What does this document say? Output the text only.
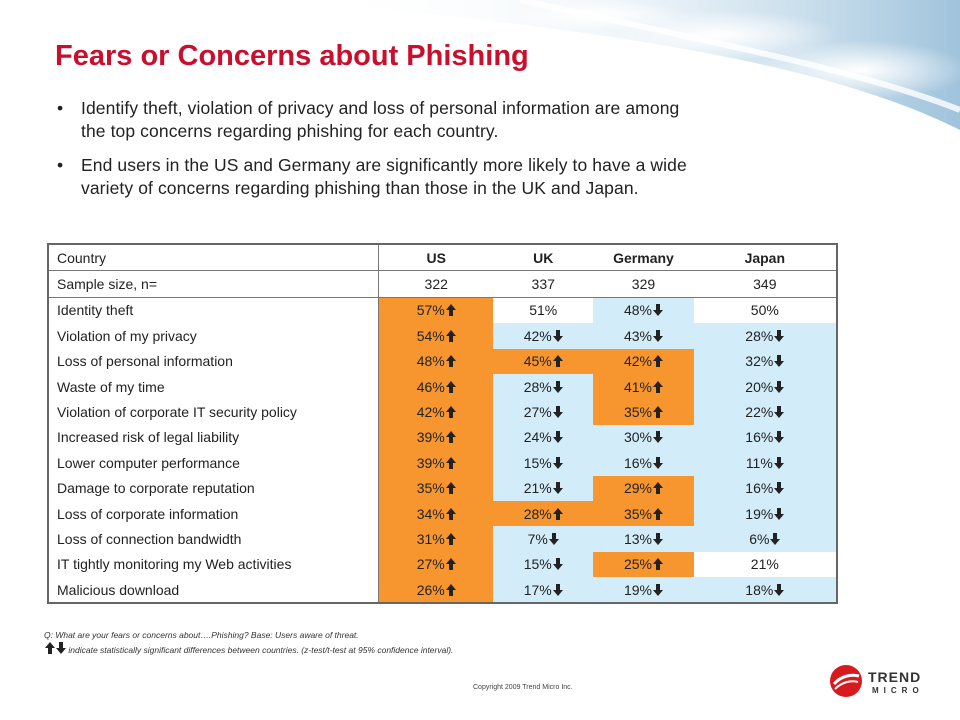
Fears or Concerns about Phishing
• Identify theft, violation of privacy and loss of personal information are among the top concerns regarding phishing for each country.
• End users in the US and Germany are significantly more likely to have a wide variety of concerns regarding phishing than those in the UK and Japan.
Country	US	UK	Germany	Japan
Sample size, n=	322	337	329	349
Identity theft	57%	51%	48%	50%
Violation of my privacy	54%	42%	43%	28%
Loss of personal information	48%	45%	42%	32%
Waste of my time	46%	28%	41%	20%
Violation of corporate IT security policy	42%	27%	35%	22%
Increased risk of legal liability	39%	24%	30%	16%
Lower computer performance	39%	15%	16%	11%
Damage to corporate reputation	35%	21%	29%	16%
Loss of corporate information	34%	28%	35%	19%
Loss of connection bandwidth	31%	7%	13%	6%
IT tightly monitoring my Web activities	27%	15%	25%	21%
Malicious download	26%	17%	19%	18%
Q: What are your fears or concerns about….Phishing? Base: Users aware of threat.
indicate statistically significant differences between countries. (z-test/t-test at 95% confidence interval).
Copyright 2009 Trend Micro Inc.
TREND
MICRO
